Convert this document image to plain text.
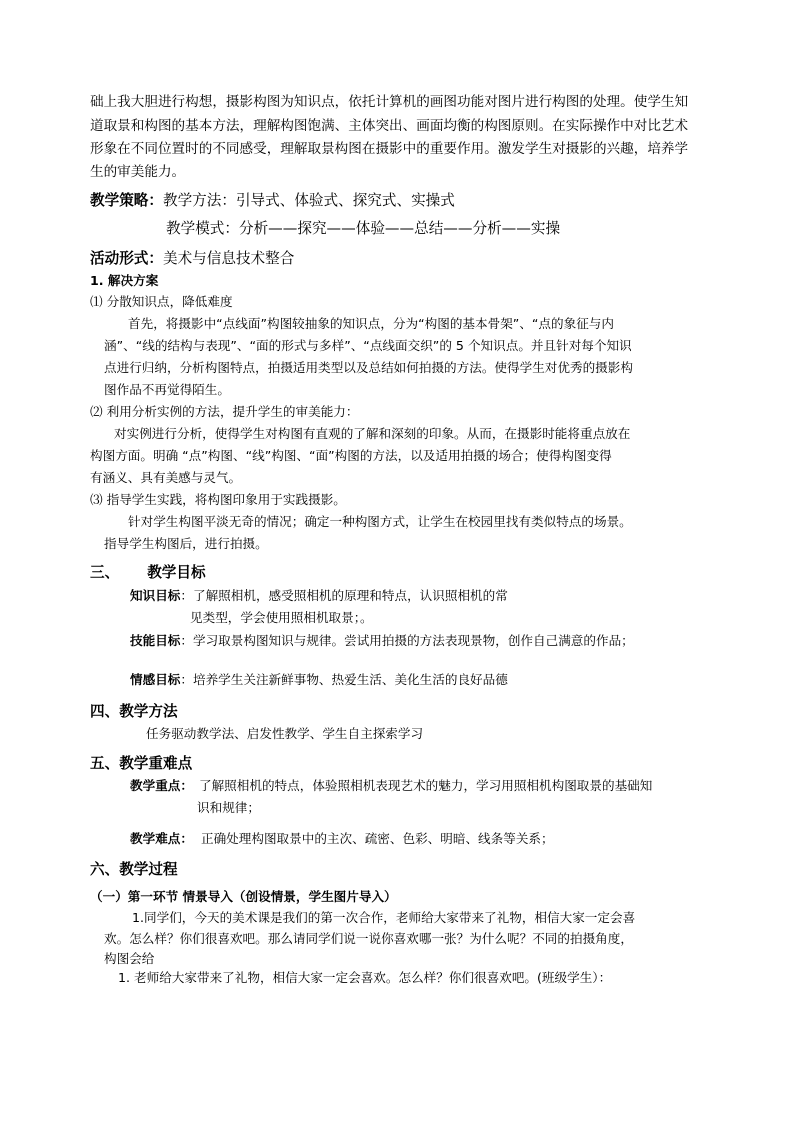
础上我大胆进行构想，摄影构图为知识点，依托计算机的画图功能对图片进行构图的处理。使学生知
道取景和构图的基本方法，理解构图饱满、主体突出、画面均衡的构图原则。在实际操作中对比艺术
形象在不同位置时的不同感受，理解取景构图在摄影中的重要作用。激发学生对摄影的兴趣，培养学
生的审美能力。
教学策略：教学方法：引导式、体验式、探究式、实操式
教学模式：分析——探究——体验——总结——分析——实操
活动形式：美术与信息技术整合
1. 解决方案
⑴ 分散知识点，降低难度
首先，将摄影中“点线面”构图较抽象的知识点，分为“构图的基本骨架”、“点的象征与内
涵”、“线的结构与表现”、“面的形式与多样”、“点线面交织”的 5 个知识点。并且针对每个知识
点进行归纳，分析构图特点，拍摄适用类型以及总结如何拍摄的方法。使得学生对优秀的摄影构
图作品不再觉得陌生。
⑵ 利用分析实例的方法，提升学生的审美能力：
对实例进行分析，使得学生对构图有直观的了解和深刻的印象。从而，在摄影时能将重点放在
构图方面。明确 “点”构图、“线”构图、“面”构图的方法，以及适用拍摄的场合；使得构图变得
有涵义、具有美感与灵气。
⑶ 指导学生实践，将构图印象用于实践摄影。
针对学生构图平淡无奇的情况；确定一种构图方式，让学生在校园里找有类似特点的场景。
指导学生构图后，进行拍摄。
三、 教学目标
知识目标：了解照相机，感受照相机的原理和特点，认识照相机的常
见类型，学会使用照相机取景；。
技能目标：学习取景构图知识与规律。尝试用拍摄的方法表现景物，创作自己满意的作品；
情感目标：培养学生关注新鲜事物、热爱生活、美化生活的良好品德
四、教学方法
任务驱动教学法、启发性教学、学生自主探索学习
五、教学重难点
教学重点： 了解照相机的特点，体验照相机表现艺术的魅力，学习用照相机构图取景的基础知
识和规律；
教学难点： 正确处理构图取景中的主次、疏密、色彩、明暗、线条等关系；
六、教学过程
（一）第一环节 情景导入（创设情景，学生图片导入）
1.同学们，今天的美术课是我们的第一次合作，老师给大家带来了礼物，相信大家一定会喜
欢。怎么样？你们很喜欢吧。那么请同学们说一说你喜欢哪一张？为什么呢？不同的拍摄角度，
构图会给
1. 老师给大家带来了礼物，相信大家一定会喜欢。怎么样？你们很喜欢吧。(班级学生）：
